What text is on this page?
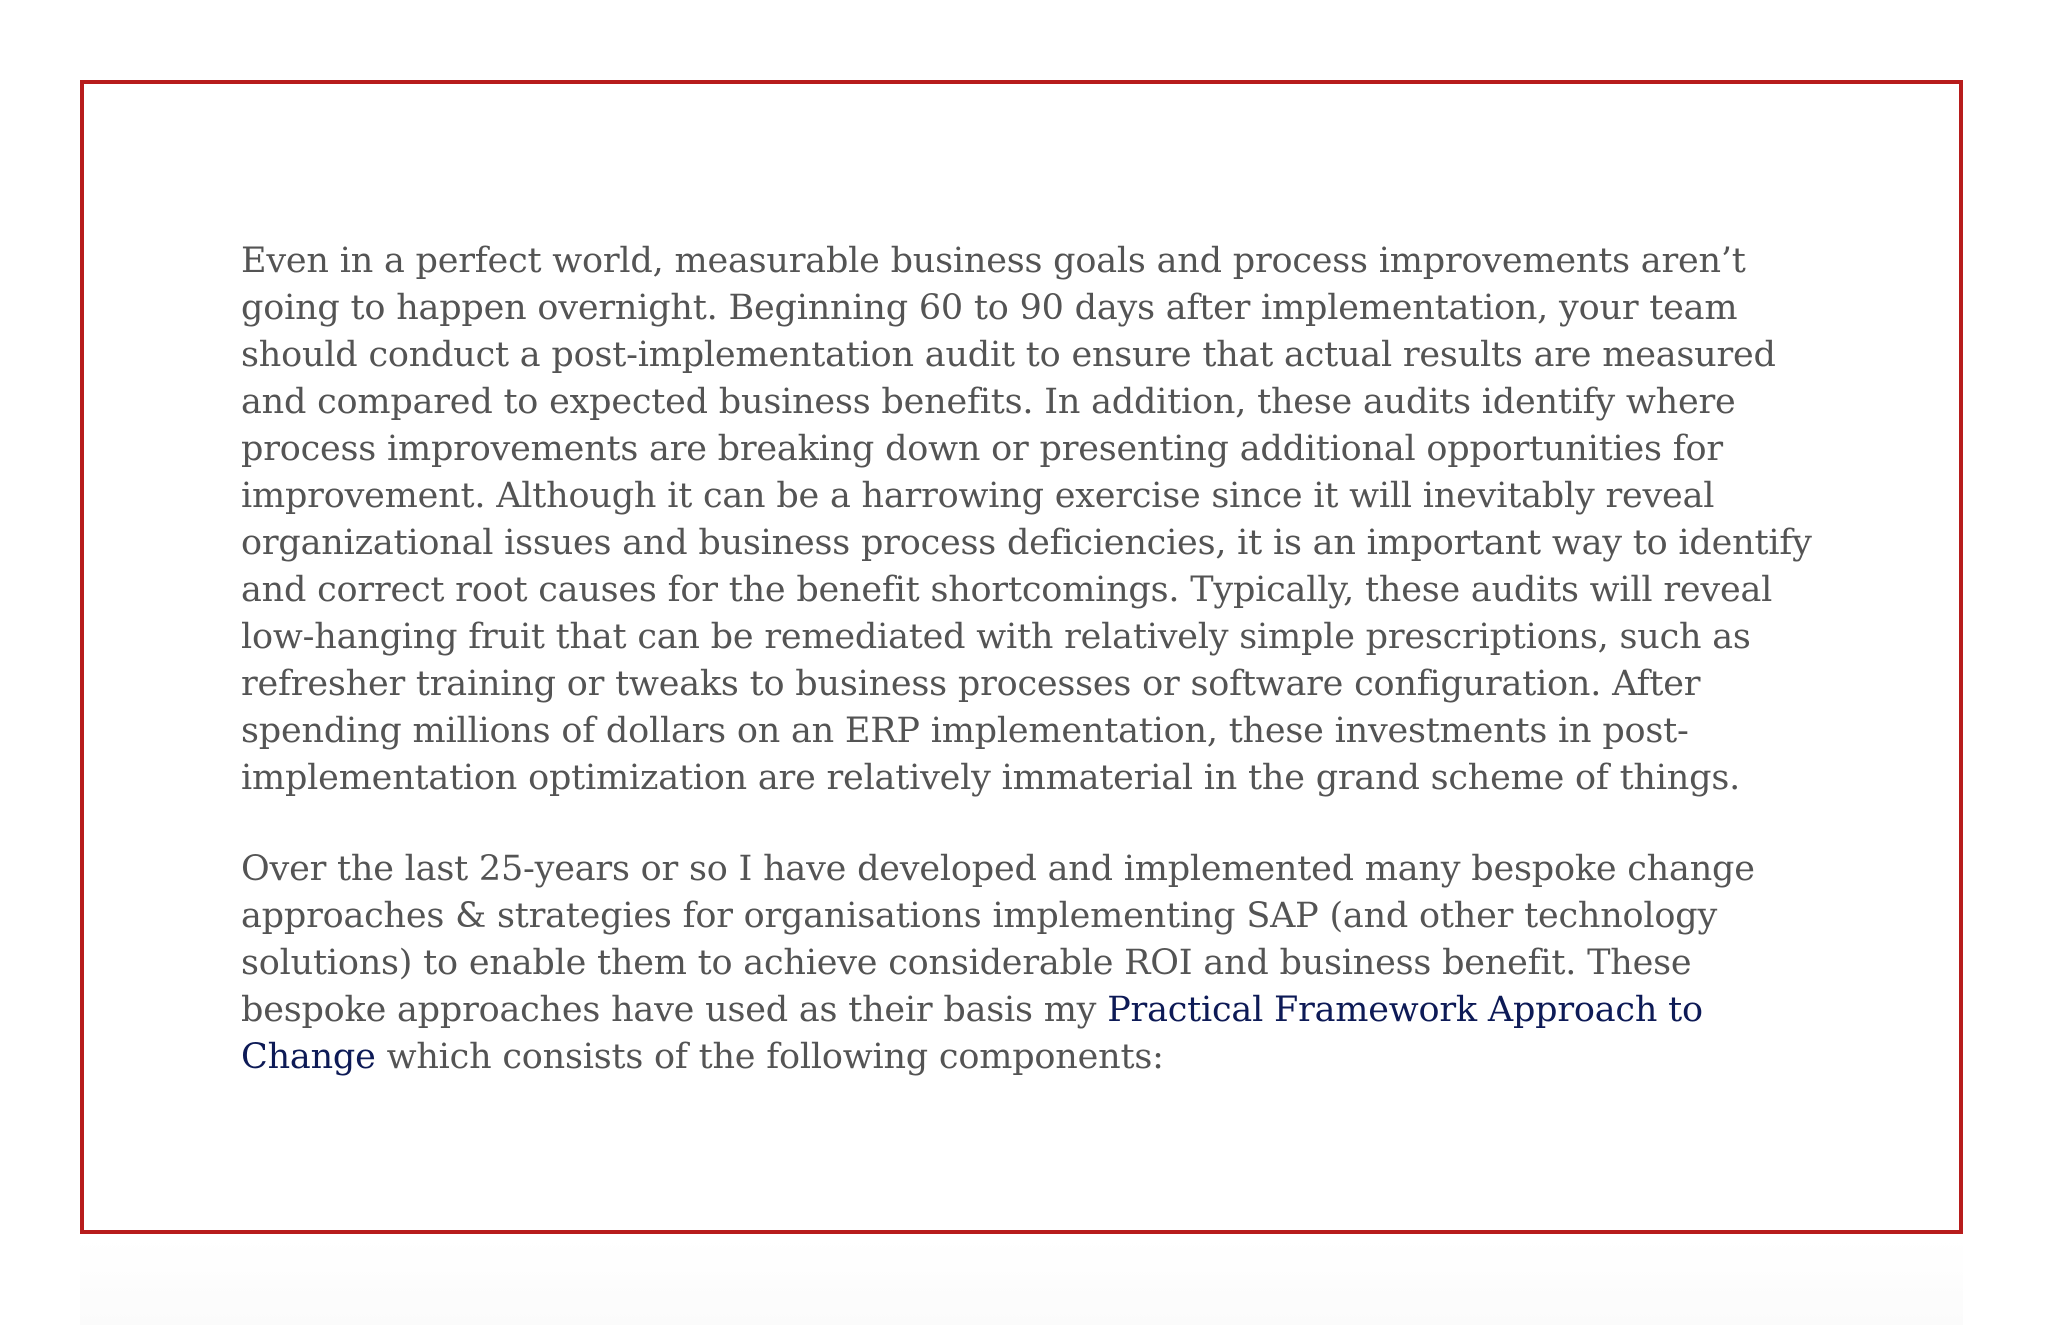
Even in a perfect world, measurable business goals and process improvements aren’t going to happen overnight. Beginning 60 to 90 days after implementation, your team should conduct a post-implementation audit to ensure that actual results are measured and compared to expected business benefits. In addition, these audits identify where process improvements are breaking down or presenting additional opportunities for improvement. Although it can be a harrowing exercise since it will inevitably reveal organizational issues and business process deficiencies, it is an important way to identify and correct root causes for the benefit shortcomings. Typically, these audits will reveal low-hanging fruit that can be remediated with relatively simple prescriptions, such as refresher training or tweaks to business processes or software configuration. After spending millions of dollars on an ERP implementation, these investments in post-implementation optimization are relatively immaterial in the grand scheme of things.

Over the last 25-years or so I have developed and implemented many bespoke change approaches & strategies for organisations implementing SAP (and other technology solutions) to enable them to achieve considerable ROI and business benefit. These bespoke approaches have used as their basis my Practical Framework Approach to Change which consists of the following components:
